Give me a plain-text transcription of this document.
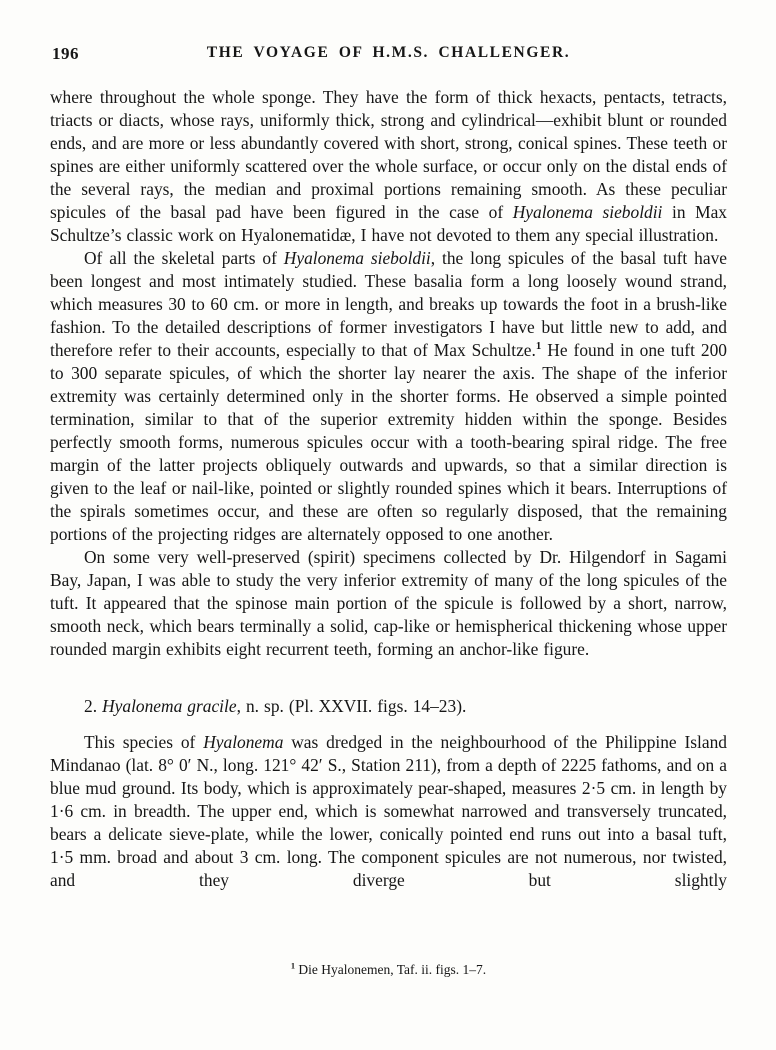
196	THE VOYAGE OF H.M.S. CHALLENGER.

where throughout the whole sponge. They have the form of thick hexacts, pentacts, tetracts, triacts or diacts, whose rays, uniformly thick, strong and cylindrical—exhibit blunt or rounded ends, and are more or less abundantly covered with short, strong, conical spines. These teeth or spines are either uniformly scattered over the whole surface, or occur only on the distal ends of the several rays, the median and proximal portions remaining smooth. As these peculiar spicules of the basal pad have been figured in the case of Hyalonema sieboldii in Max Schultze’s classic work on Hyalonematidæ, I have not devoted to them any special illustration.

Of all the skeletal parts of Hyalonema sieboldii, the long spicules of the basal tuft have been longest and most intimately studied. These basalia form a long loosely wound strand, which measures 30 to 60 cm. or more in length, and breaks up towards the foot in a brush-like fashion. To the detailed descriptions of former investigators I have but little new to add, and therefore refer to their accounts, especially to that of Max Schultze.$^1$ He found in one tuft 200 to 300 separate spicules, of which the shorter lay nearer the axis. The shape of the inferior extremity was certainly determined only in the shorter forms. He observed a simple pointed termination, similar to that of the superior extremity hidden within the sponge. Besides perfectly smooth forms, numerous spicules occur with a tooth-bearing spiral ridge. The free margin of the latter projects obliquely outwards and upwards, so that a similar direction is given to the leaf or nail-like, pointed or slightly rounded spines which it bears. Interruptions of the spirals sometimes occur, and these are often so regularly disposed, that the remaining portions of the projecting ridges are alternately opposed to one another.

On some very well-preserved (spirit) specimens collected by Dr. Hilgendorf in Sagami Bay, Japan, I was able to study the very inferior extremity of many of the long spicules of the tuft. It appeared that the spinose main portion of the spicule is followed by a short, narrow, smooth neck, which bears terminally a solid, cap-like or hemispherical thickening whose upper rounded margin exhibits eight recurrent teeth, forming an anchor-like figure.

2. Hyalonema gracile, n. sp. (Pl. XXVII. figs. 14–23).

This species of Hyalonema was dredged in the neighbourhood of the Philippine Island Mindanao (lat. 8° 0′ N., long. 121° 42′ S., Station 211), from a depth of 2225 fathoms, and on a blue mud ground. Its body, which is approximately pear-shaped, measures 2·5 cm. in length by 1·6 cm. in breadth. The upper end, which is somewhat narrowed and transversely truncated, bears a delicate sieve-plate, while the lower, conically pointed end runs out into a basal tuft, 1·5 mm. broad and about 3 cm. long. The component spicules are not numerous, nor twisted, and they diverge but slightly

$^1$ Die Hyalonemen, Taf. ii. figs. 1–7.
